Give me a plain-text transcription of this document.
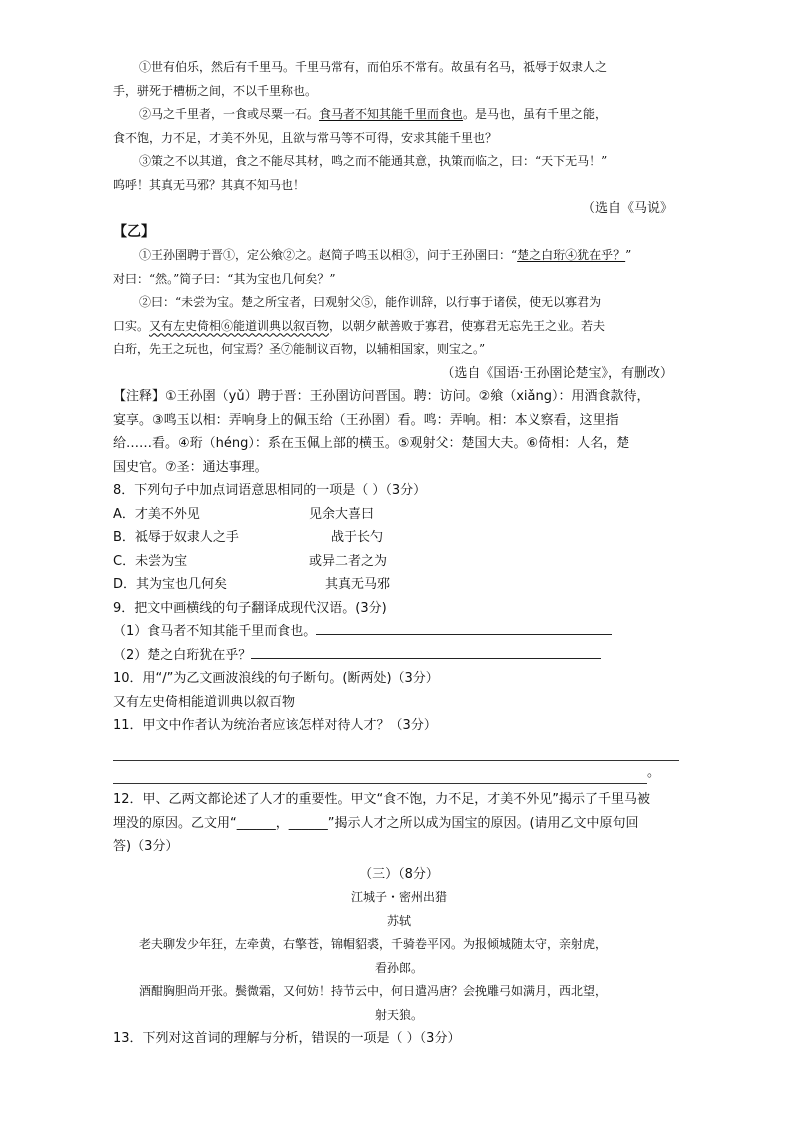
①世有伯乐，然后有千里马。千里马常有，而伯乐不常有。故虽有名马，祗辱于奴隶人之

手，骈死于槽枥之间，不以千里称也。

②马之千里者，一食或尽粟一石。食马者不知其能千里而食也。是马也，虽有千里之能，

食不饱，力不足，才美不外见，且欲与常马等不可得，安求其能千里也？

③策之不以其道，食之不能尽其材，鸣之而不能通其意，执策而临之，曰：“天下无马！”

呜呼！其真无马邪？其真不知马也！

（选自《马说》

【乙】

①王孙圉聘于晋①，定公飨②之。赵简子鸣玉以相③，问于王孙圉曰：“楚之白珩④犹在乎？”

对曰：“然。”简子曰：“其为宝也几何矣？”

②曰：“未尝为宝。楚之所宝者，曰观射父⑤，能作训辞，以行事于诸侯，使无以寡君为

口实。又有左史倚相⑥能道训典以叙百物，以朝夕献善败于寡君，使寡君无忘先王之业。若夫

白珩，先王之玩也，何宝焉？圣⑦能制议百物，以辅相国家，则宝之。”

（选自《国语·王孙圉论楚宝》，有删改）

【注释】①王孙圉（yǔ）聘于晋：王孙圉访问晋国。聘：访问。②飨（xiǎng）：用酒食款待，

宴享。③鸣玉以相：弄响身上的佩玉给（王孙圉）看。鸣：弄响。相：本义察看，这里指

给……看。④珩（héng）：系在玉佩上部的横玉。⑤观射父：楚国大夫。⑥倚相：人名，楚

国史官。⑦圣：通达事理。

8．下列句子中加点词语意思相同的一项是（ ）（3分）

A．才美不外见	见余大喜曰
B．祗辱于奴隶人之手	战于长勺
C．未尝为宝	或异二者之为
D．其为宝也几何矣	其真无马邪

9．把文中画横线的句子翻译成现代汉语。(3分)

（1）食马者不知其能千里而食也。

（2）楚之白珩犹在乎？

10．用“/”为乙文画波浪线的句子断句。(断两处)（3分）

又有左史倚相能道训典以叙百物

11．甲文中作者认为统治者应该怎样对待人才？（3分）

。

12．甲、乙两文都论述了人才的重要性。甲文“食不饱，力不足，才美不外见”揭示了千里马被

埋没的原因。乙文用“______，______”揭示人才之所以成为国宝的原因。(请用乙文中原句回

答)（3分）

（三）（8分）

江城子・密州出猎

苏轼

老夫聊发少年狂，左牵黄，右擎苍，锦帽貂裘，千骑卷平冈。为报倾城随太守，亲射虎，

看孙郎。

酒酣胸胆尚开张。鬓微霜，又何妨！持节云中，何日遣冯唐？会挽雕弓如满月，西北望，

射天狼。

13．下列对这首词的理解与分析，错误的一项是（ ）（3分）
